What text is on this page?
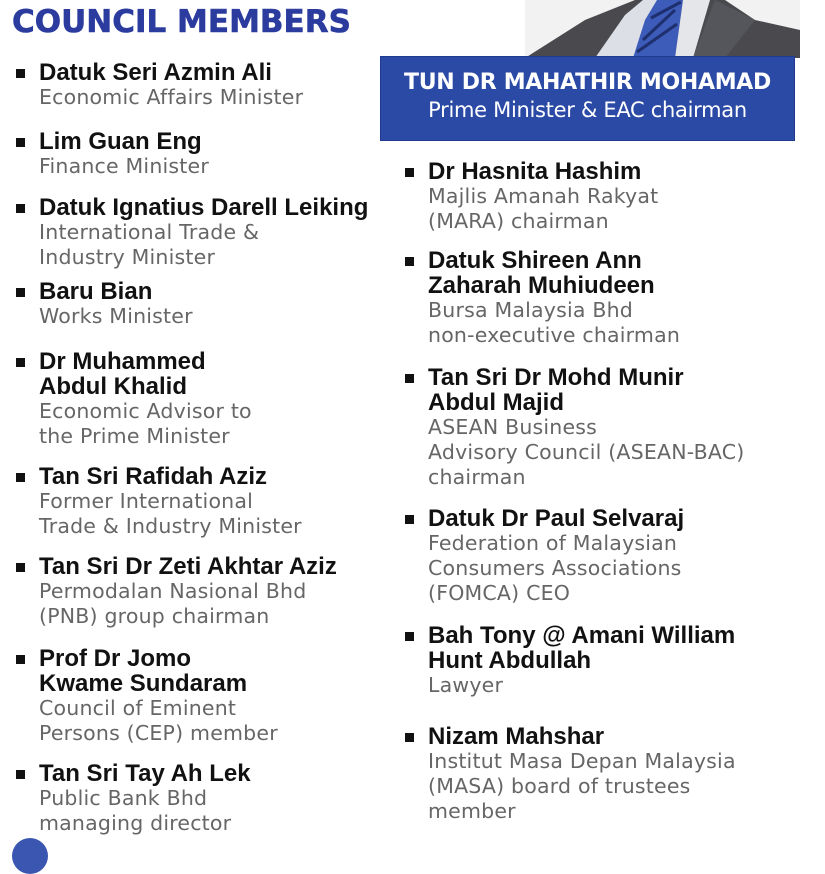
COUNCIL MEMBERS
TUN DR MAHATHIR MOHAMAD
Prime Minister & EAC chairman
Datuk Seri Azmin Ali
Economic Affairs Minister
Lim Guan Eng
Finance Minister
Datuk Ignatius Darell Leiking
International Trade &
Industry Minister
Baru Bian
Works Minister
Dr Muhammed
Abdul Khalid
Economic Advisor to
the Prime Minister
Tan Sri Rafidah Aziz
Former International
Trade & Industry Minister
Tan Sri Dr Zeti Akhtar Aziz
Permodalan Nasional Bhd
(PNB) group chairman
Prof Dr Jomo
Kwame Sundaram
Council of Eminent
Persons (CEP) member
Tan Sri Tay Ah Lek
Public Bank Bhd
managing director
Dr Hasnita Hashim
Majlis Amanah Rakyat
(MARA) chairman
Datuk Shireen Ann
Zaharah Muhiudeen
Bursa Malaysia Bhd
non-executive chairman
Tan Sri Dr Mohd Munir
Abdul Majid
ASEAN Business
Advisory Council (ASEAN-BAC)
chairman
Datuk Dr Paul Selvaraj
Federation of Malaysian
Consumers Associations
(FOMCA) CEO
Bah Tony @ Amani William
Hunt Abdullah
Lawyer
Nizam Mahshar
Institut Masa Depan Malaysia
(MASA) board of trustees
member
